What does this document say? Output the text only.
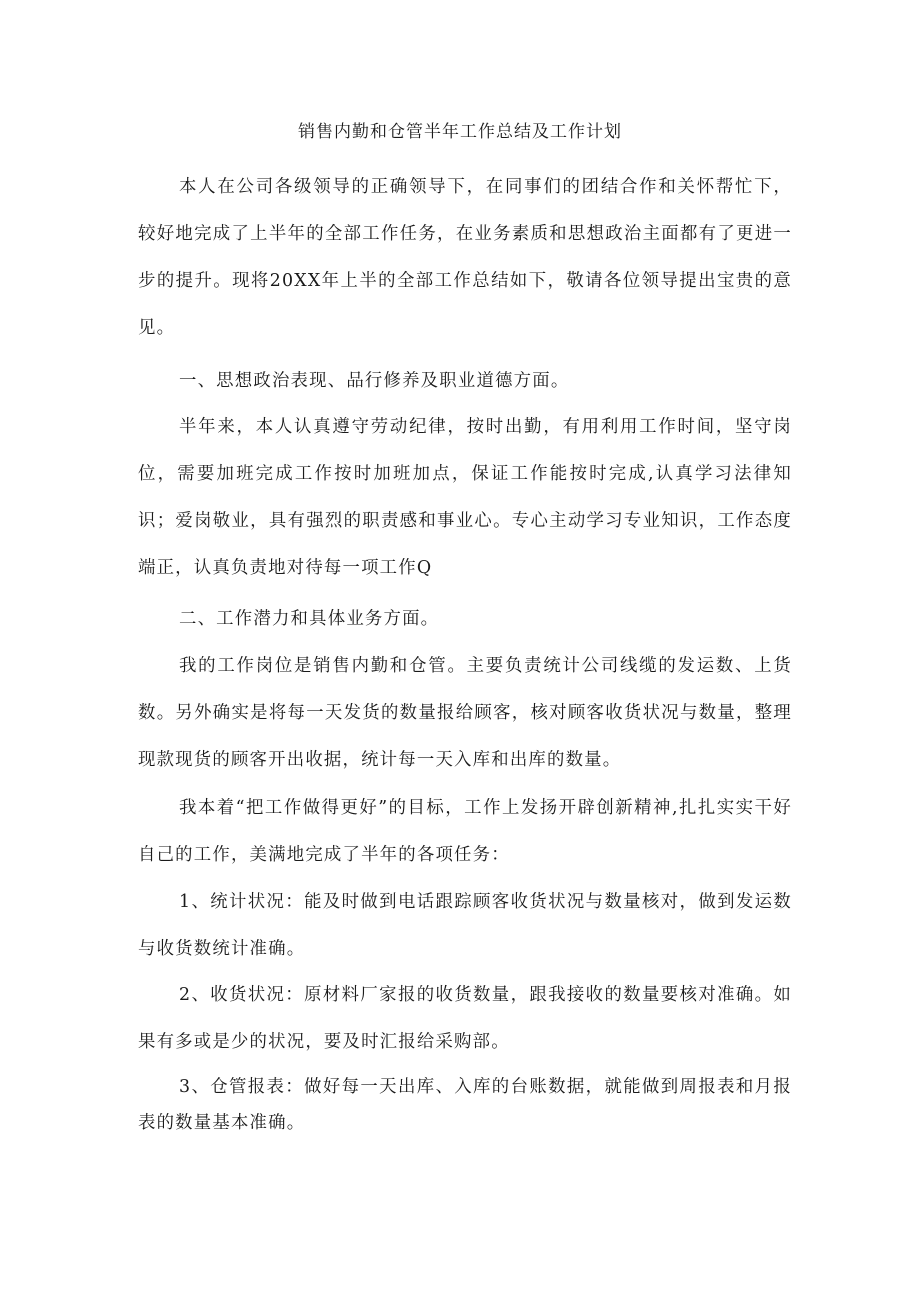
销售内勤和仓管半年工作总结及工作计划

本人在公司各级领导的正确领导下，在同事们的团结合作和关怀帮忙下，较好地完成了上半年的全部工作任务，在业务素质和思想政治主面都有了更进一步的提升。现将20XX年上半的全部工作总结如下，敬请各位领导提出宝贵的意见。

一、思想政治表现、品行修养及职业道德方面。

半年来，本人认真遵守劳动纪律，按时出勤，有用利用工作时间，坚守岗位，需要加班完成工作按时加班加点，保证工作能按时完成,认真学习法律知识；爱岗敬业，具有强烈的职责感和事业心。专心主动学习专业知识，工作态度端正，认真负责地对待每一项工作Q

二、工作潜力和具体业务方面。

我的工作岗位是销售内勤和仓管。主要负责统计公司线缆的发运数、上货数。另外确实是将每一天发货的数量报给顾客，核对顾客收货状况与数量，整理现款现货的顾客开出收据，统计每一天入库和出库的数量。

我本着“把工作做得更好”的目标，工作上发扬开辟创新精神,扎扎实实干好自己的工作，美满地完成了半年的各项任务：

1、统计状况：能及时做到电话跟踪顾客收货状况与数量核对，做到发运数与收货数统计准确。

2、收货状况：原材料厂家报的收货数量，跟我接收的数量要核对准确。如果有多或是少的状况，要及时汇报给采购部。

3、仓管报表：做好每一天出库、入库的台账数据，就能做到周报表和月报表的数量基本准确。
